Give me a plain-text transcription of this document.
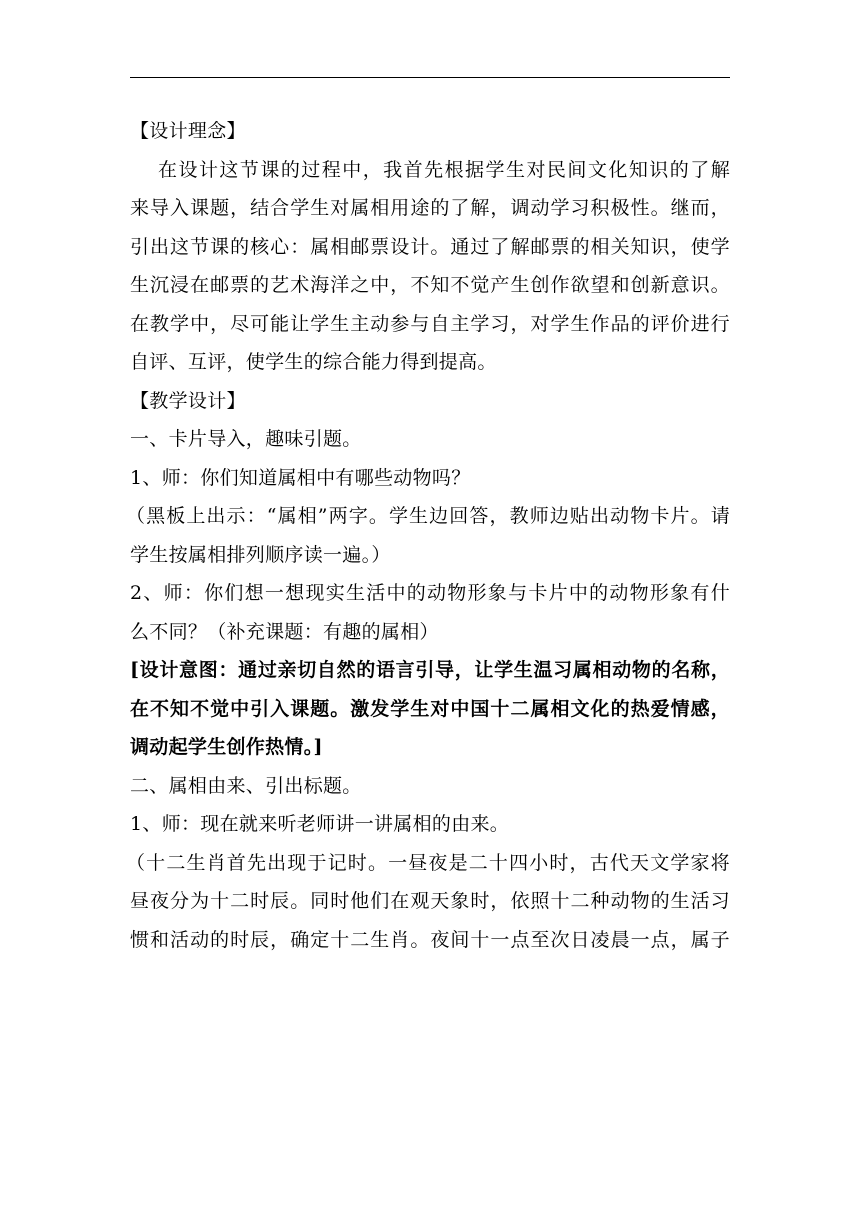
【设计理念】
在设计这节课的过程中，我首先根据学生对民间文化知识的了解
来导入课题，结合学生对属相用途的了解，调动学习积极性。继而，
引出这节课的核心：属相邮票设计。通过了解邮票的相关知识，使学
生沉浸在邮票的艺术海洋之中，不知不觉产生创作欲望和创新意识。
在教学中，尽可能让学生主动参与自主学习，对学生作品的评价进行
自评、互评，使学生的综合能力得到提高。
【教学设计】
一、卡片导入，趣味引题。
1、师：你们知道属相中有哪些动物吗？
（黑板上出示：“属相”两字。学生边回答，教师边贴出动物卡片。请
学生按属相排列顺序读一遍。）
2、师：你们想一想现实生活中的动物形象与卡片中的动物形象有什
么不同？（补充课题：有趣的属相）
[设计意图：通过亲切自然的语言引导，让学生温习属相动物的名称，
在不知不觉中引入课题。激发学生对中国十二属相文化的热爱情感，
调动起学生创作热情。]
二、属相由来、引出标题。
1、师：现在就来听老师讲一讲属相的由来。
（十二生肖首先出现于记时。一昼夜是二十四小时，古代天文学家将
昼夜分为十二时辰。同时他们在观天象时，依照十二种动物的生活习
惯和活动的时辰，确定十二生肖。夜间十一点至次日凌晨一点，属子
